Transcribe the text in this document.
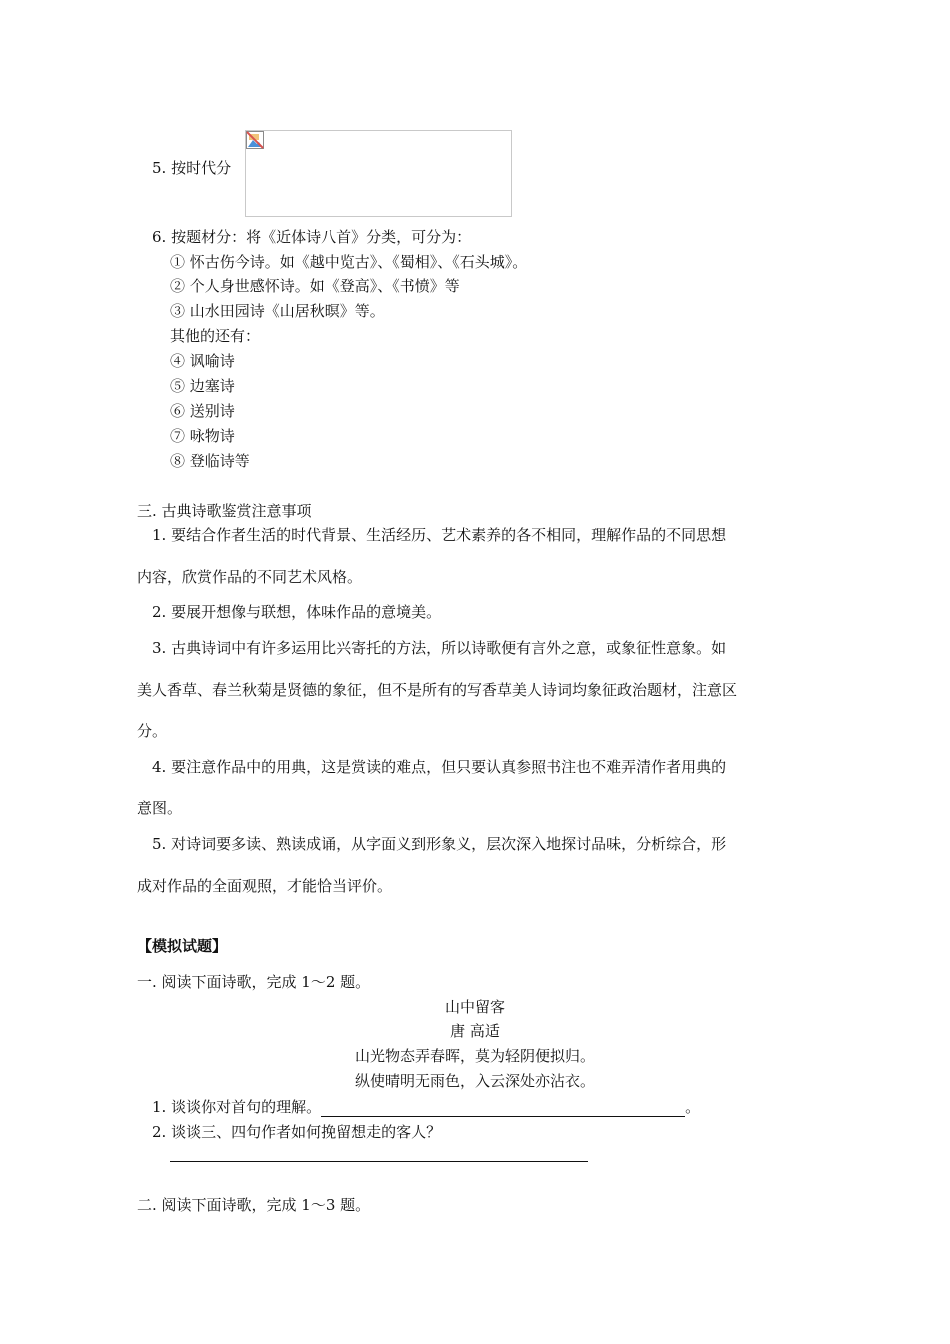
5. 按时代分
6. 按题材分：将《近体诗八首》分类，可分为：
① 怀古伤今诗。如《越中览古》、《蜀相》、《石头城》。
② 个人身世感怀诗。如《登高》、《书愤》等
③ 山水田园诗《山居秋暝》等。
其他的还有：
④ 讽喻诗
⑤ 边塞诗
⑥ 送别诗
⑦ 咏物诗
⑧ 登临诗等
三. 古典诗歌鉴赏注意事项
1. 要结合作者生活的时代背景、生活经历、艺术素养的各不相同，理解作品的不同思想
内容，欣赏作品的不同艺术风格。
2. 要展开想像与联想，体味作品的意境美。
3. 古典诗词中有许多运用比兴寄托的方法，所以诗歌便有言外之意，或象征性意象。如
美人香草、春兰秋菊是贤德的象征，但不是所有的写香草美人诗词均象征政治题材，注意区
分。
4. 要注意作品中的用典，这是赏读的难点，但只要认真参照书注也不难弄清作者用典的
意图。
5. 对诗词要多读、熟读成诵，从字面义到形象义，层次深入地探讨品味，分析综合，形
成对作品的全面观照，才能恰当评价。
【模拟试题】
一. 阅读下面诗歌，完成 1～2 题。
山中留客
唐 高适
山光物态弄春晖，莫为轻阴便拟归。
纵使晴明无雨色，入云深处亦沾衣。
1. 谈谈你对首句的理解。	。
2. 谈谈三、四句作者如何挽留想走的客人？
二. 阅读下面诗歌，完成 1～3 题。
